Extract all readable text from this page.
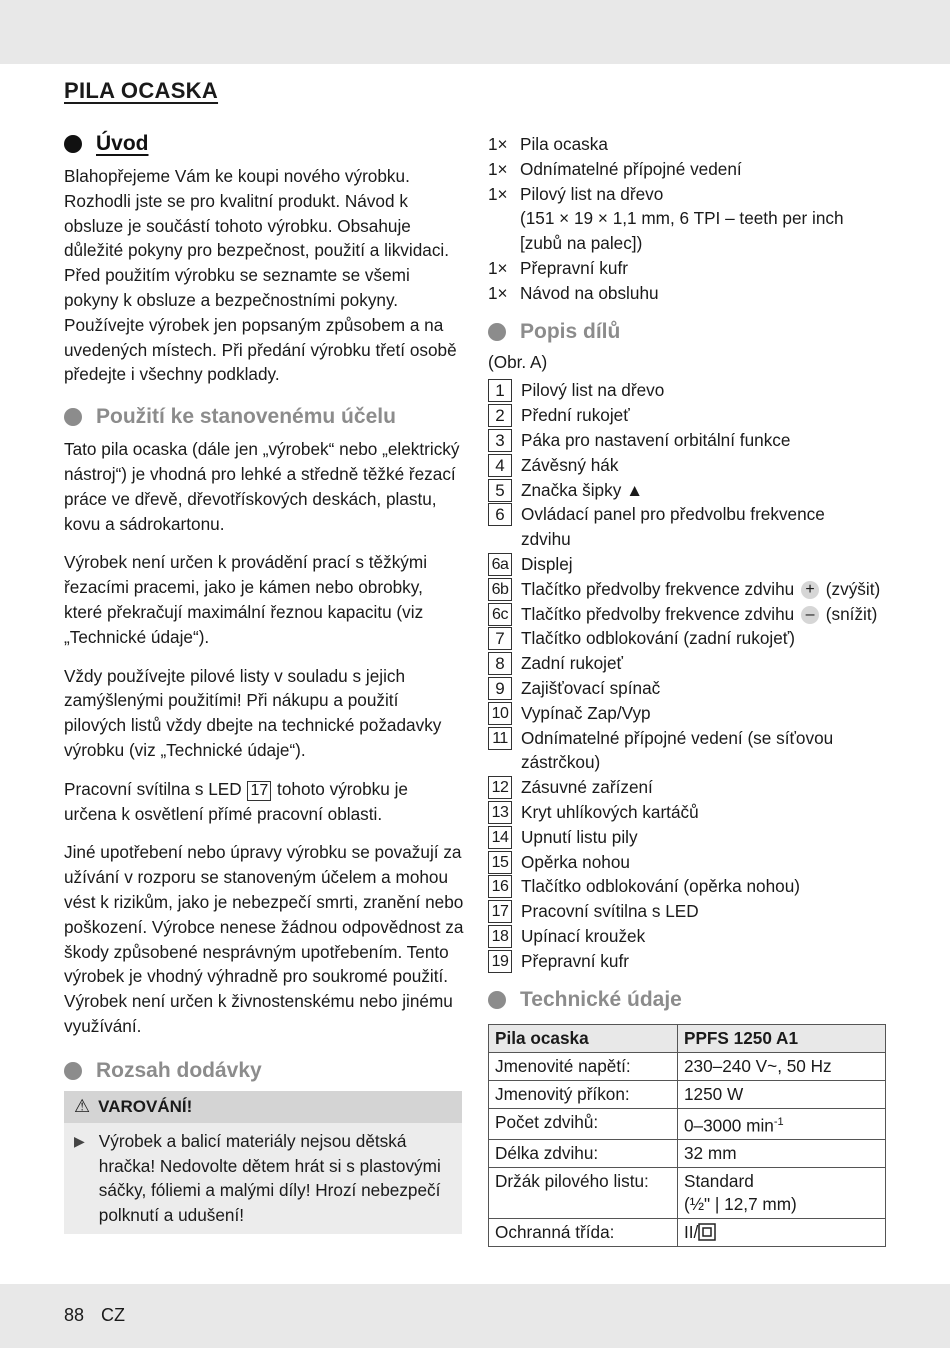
PILA OCASKA
Úvod

Blahopřejeme Vám ke koupi nového výrobku. Rozhodli jste se pro kvalitní produkt. Návod k obsluze je součástí tohoto výrobku. Obsahuje důležité pokyny pro bezpečnost, použití a likvidaci. Před použitím výrobku se seznamte se všemi pokyny k obsluze a bezpečnostními pokyny. Používejte výrobek jen popsaným způsobem a na uvedených místech. Při předání výrobku třetí osobě předejte i všechny podklady.

Použití ke stanovenému účelu

Tato pila ocaska (dále jen „výrobek“ nebo „elektrický nástroj“) je vhodná pro lehké a středně těžké řezací práce ve dřevě, dřevotřískových deskách, plastu, kovu a sádrokartonu.

Výrobek není určen k provádění prací s těžkými řezacími pracemi, jako je kámen nebo obrobky, které překračují maximální řeznou kapacitu (viz „Technické údaje“).

Vždy používejte pilové listy v souladu s jejich zamýšlenými použitími! Při nákupu a použití pilových listů vždy dbejte na technické požadavky výrobku (viz „Technické údaje“).

Pracovní svítilna s LED 17 tohoto výrobku je určena k osvětlení přímé pracovní oblasti.

Jiné upotřebení nebo úpravy výrobku se považují za užívání v rozporu se stanoveným účelem a mohou vést k rizikům, jako je nebezpečí smrti, zranění nebo poškození. Výrobce nenese žádnou odpovědnost za škody způsobené nesprávným upotřebením. Tento výrobek je vhodný výhradně pro soukromé použití. Výrobek není určen k živnostenskému nebo jinému využívání.

Rozsah dodávky
⚠ VAROVÁNÍ!
▶ Výrobek a balicí materiály nejsou dětská hračka! Nedovolte dětem hrát si s plastovými sáčky, fóliemi a malými díly! Hrozí nebezpečí polknutí a udušení!

1× Pila ocaska
1× Odnímatelné přípojné vedení
1× Pilový list na dřevo
(151 × 19 × 1,1 mm, 6 TPI – teeth per inch
[zubů na palec])
1× Přepravní kufr
1× Návod na obsluhu
Popis dílů

(Obr. A)

1 Pilový list na dřevo
2 Přední rukojeť
3 Páka pro nastavení orbitální funkce
4 Závěsný hák
5 Značka šipky ▲
6 Ovládací panel pro předvolbu frekvence
zdvihu
6a Displej
6b Tlačítko předvolby frekvence zdvihu + (zvýšit)
6c Tlačítko předvolby frekvence zdvihu – (snížit)
7 Tlačítko odblokování (zadní rukojeť)
8 Zadní rukojeť
9 Zajišťovací spínač
10 Vypínač Zap/Vyp
11 Odnímatelné přípojné vedení (se síťovou
zástrčkou)
12 Zásuvné zařízení
13 Kryt uhlíkových kartáčů
14 Upnutí listu pily
15 Opěrka nohou
16 Tlačítko odblokování (opěrka nohou)
17 Pracovní svítilna s LED
18 Upínací kroužek
19 Přepravní kufr
Technické údaje
Pila ocaska	PPFS 1250 A1
Jmenovité napětí:	230–240 V~, 50 Hz
Jmenovitý příkon:	1250 W
Počet zdvihů:	0–3000 $\min^{-1}$
Délka zdvihu:	32 mm
Držák pilového listu:	Standard
(½" | 12,7 mm)

Ochranná třída:	II/
88 CZ
